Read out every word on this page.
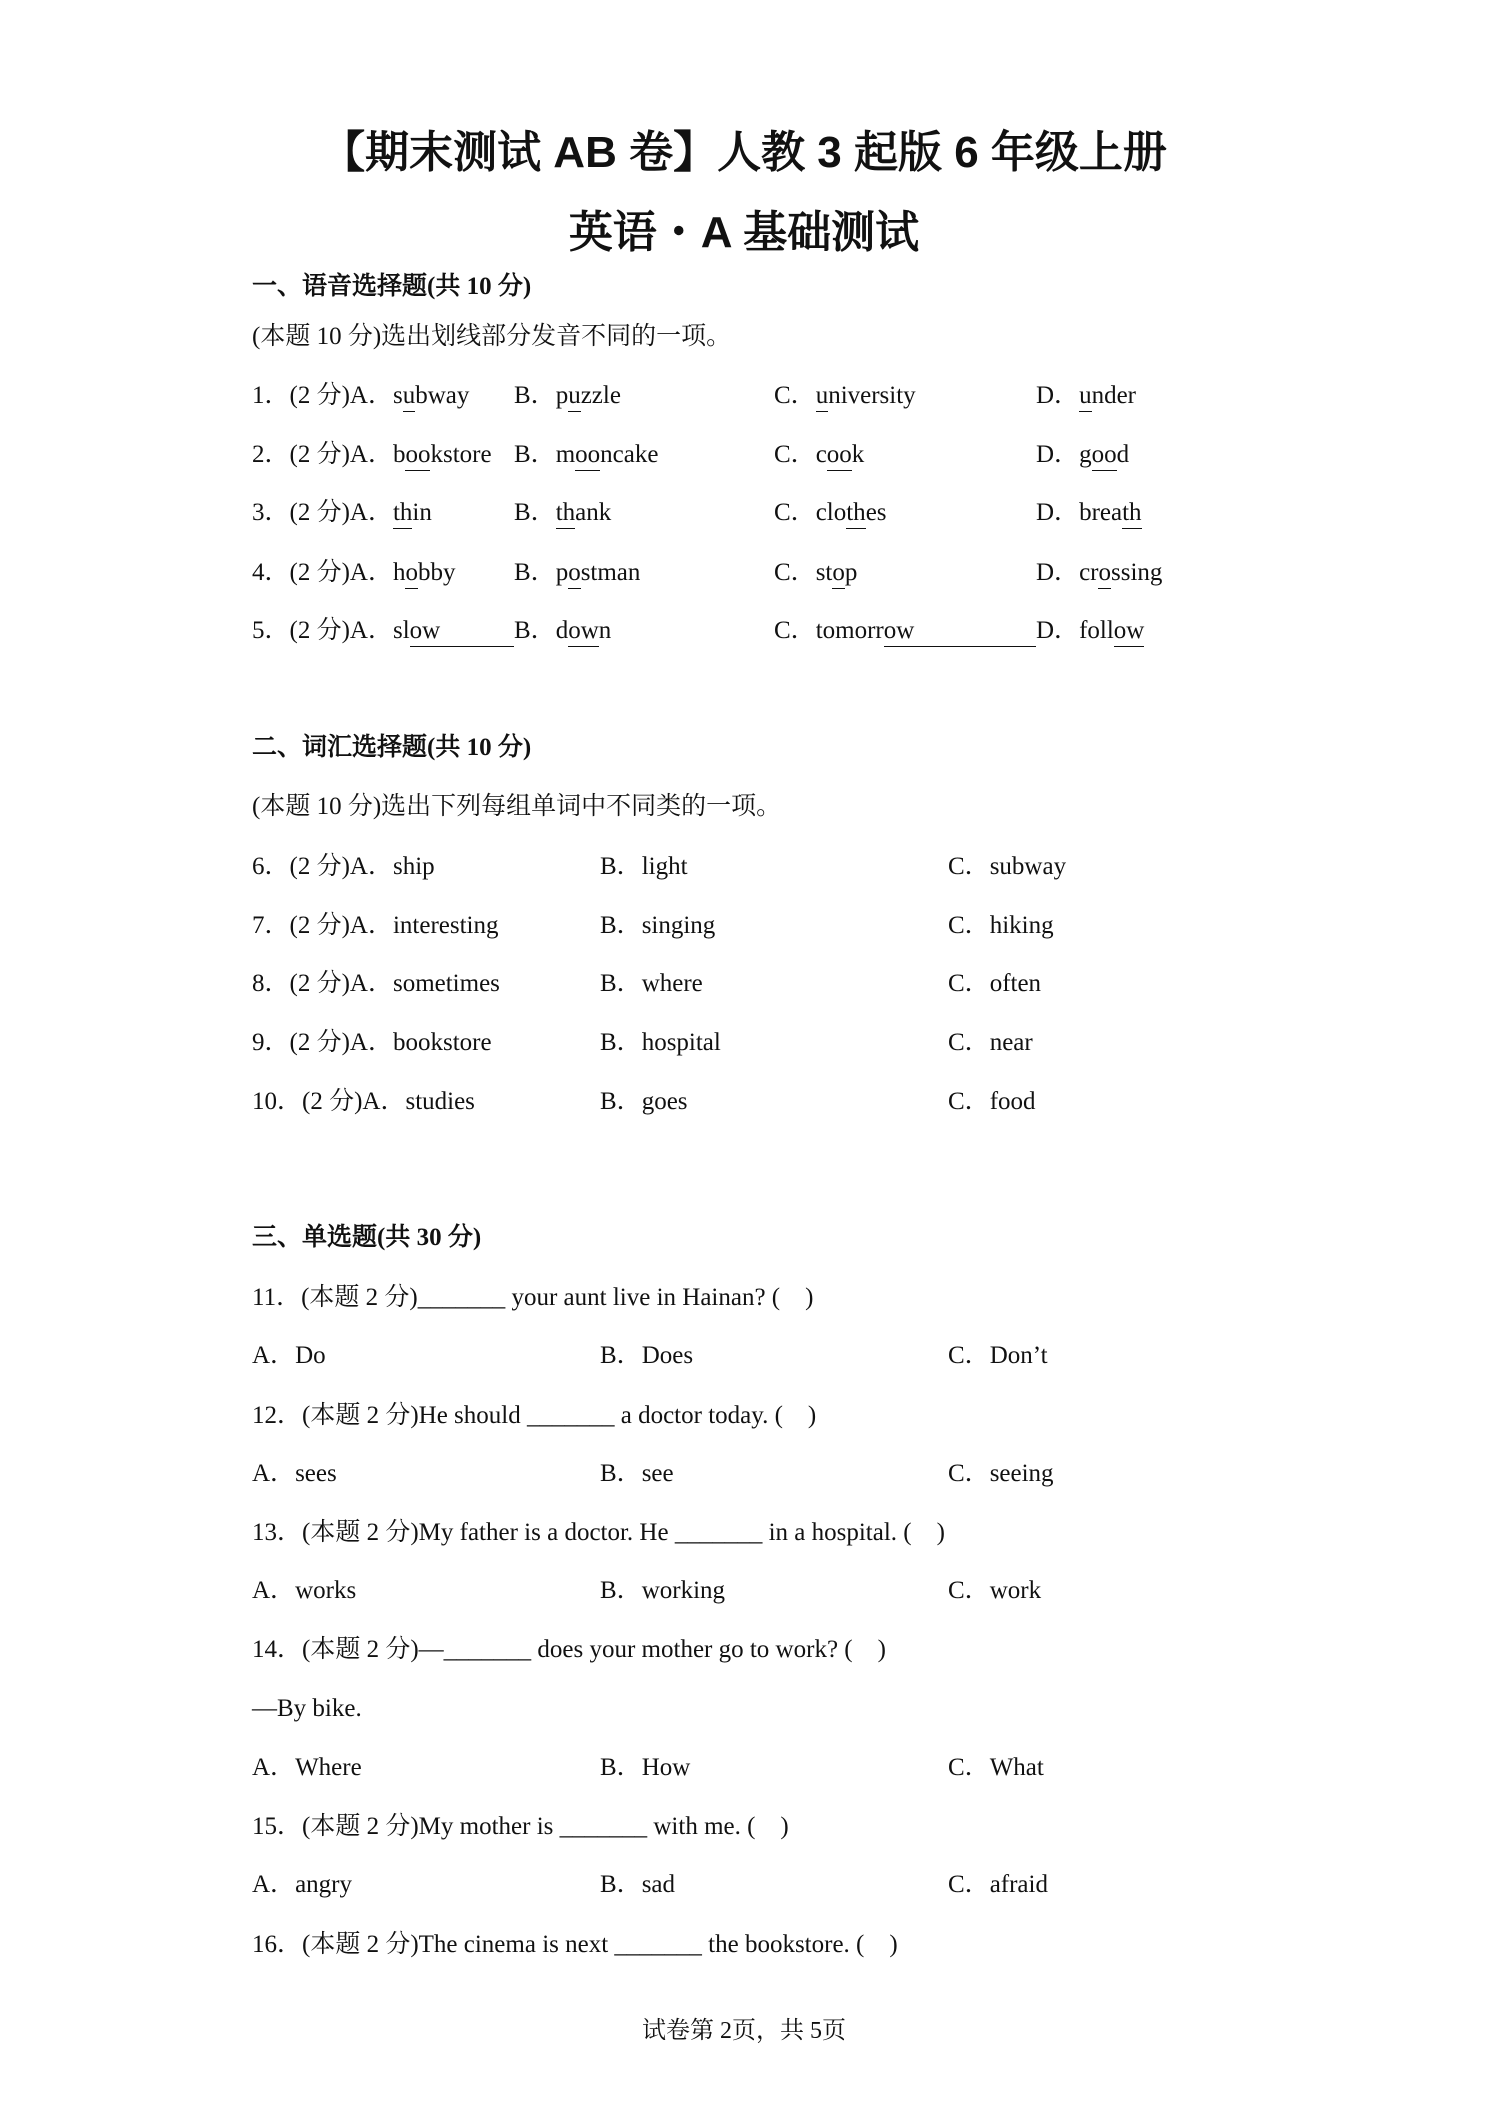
【期末测试 AB 卷】人教 3 起版 6 年级上册
英语・A 基础测试
一、语音选择题(共 10 分)
(本题 10 分)选出划线部分发音不同的一项。
1．(2 分) A． s u bway B． p u zzle	C． u niversity	D． u nder
2．(2 分) A． b oo kstore B． m oo ncake	C． c oo k	D． g oo d
3．(2 分) A． th in	B． th ank	C． clo th es	D． brea th
4．(2 分) A． h o bby B． p o stman	C． st o p	D． cr o ssing
5．(2 分) A． sl ow	B． d ow n	C． tomorr ow	D． foll ow
二、词汇选择题(共 10 分)
(本题 10 分)选出下列每组单词中不同类的一项。
6．(2 分) A． ship	B． light	C． subway
7．(2 分) A． interesting	B． singing	C． hiking
8．(2 分) A． sometimes	B． where	C． often
9．(2 分) A． bookstore	B． hospital	C． near
10．(2 分) A． studies	B． goes	C． food
三、单选题(共 30 分)
11．(本题 2 分)_______ your aunt live in Hainan? (    )
A． Do	B． Does	C． Don’t
12．(本题 2 分)He should _______ a doctor today. (    )
A． sees	B． see	C． seeing
13．(本题 2 分)My father is a doctor. He _______ in a hospital. (    )
A． works	B． working	C． work
14．(本题 2 分)—_______ does your mother go to work? (    )
—By bike.
A． Where	B． How	C． What
15．(本题 2 分)My mother is _______ with me. (    )
A． angry	B． sad	C． afraid
16．(本题 2 分)The cinema is next _______ the bookstore. (    )
试卷第 2页，共 5页
